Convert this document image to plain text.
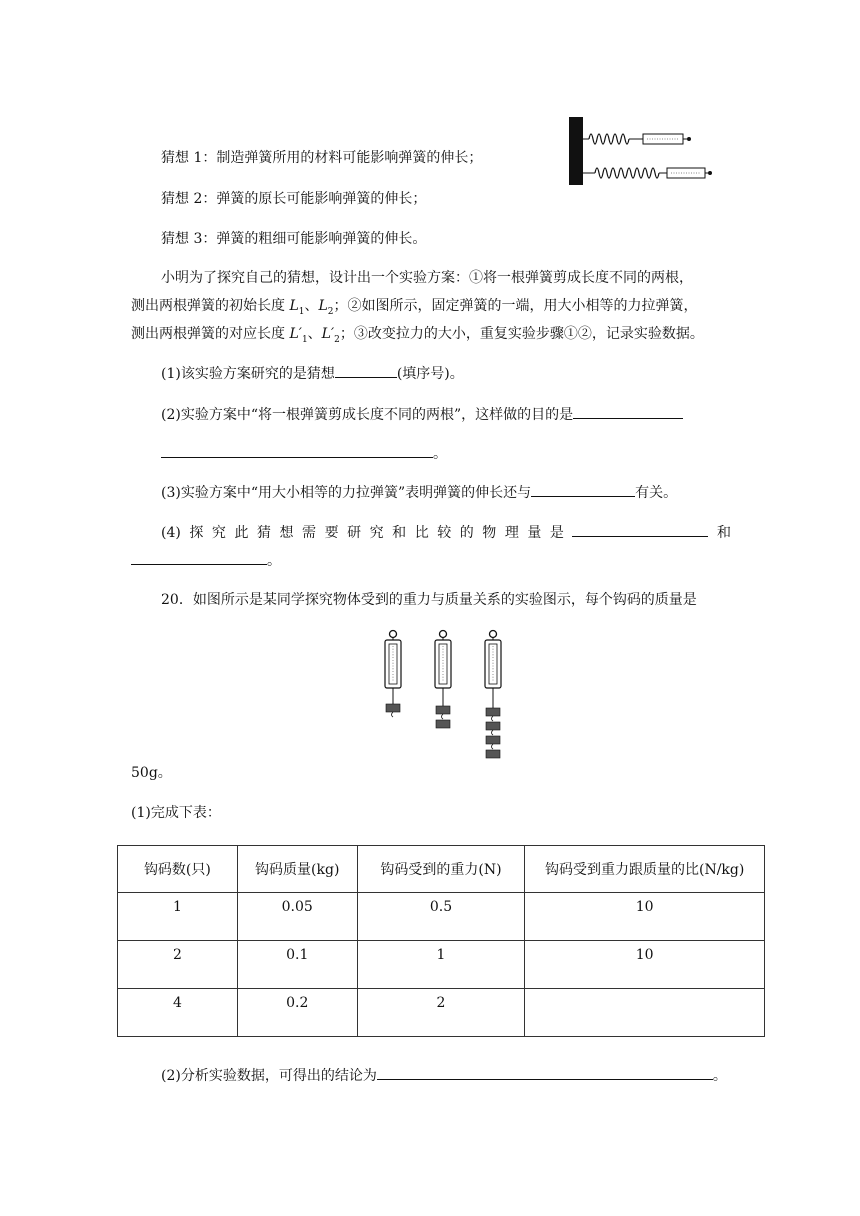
猜想 1：制造弹簧所用的材料可能影响弹簧的伸长；
猜想 2：弹簧的原长可能影响弹簧的伸长；
猜想 3：弹簧的粗细可能影响弹簧的伸长。
小明为了探究自己的猜想，设计出一个实验方案：①将一根弹簧剪成长度不同的两根，
测出两根弹簧的初始长度 $L_1$、$L_2$；②如图所示，固定弹簧的一端，用大小相等的力拉弹簧，
测出两根弹簧的对应长度 $L'_1$、$L'_2$；③改变拉力的大小，重复实验步骤①②，记录实验数据。
(1)该实验方案研究的是猜想	(填序号)。
(2)实验方案中“将一根弹簧剪成长度不同的两根”，这样做的目的是
。
(3)实验方案中“用大小相等的力拉弹簧”表明弹簧的伸长还与	有关。
(4) 探 究 此 猜 想 需 要 研 究 和 比 较 的 物 理 量 是	和
。
20．如图所示是某同学探究物体受到的重力与质量关系的实验图示，每个钩码的质量是
50g。
(1)完成下表：
钩码数(只)	钩码质量(kg)	钩码受到的重力(N)	钩码受到重力跟质量的比(N/kg)
1	0.05	0.5	10
2	0.1	1	10
4	0.2	2	
(2)分析实验数据，可得出的结论为	。
